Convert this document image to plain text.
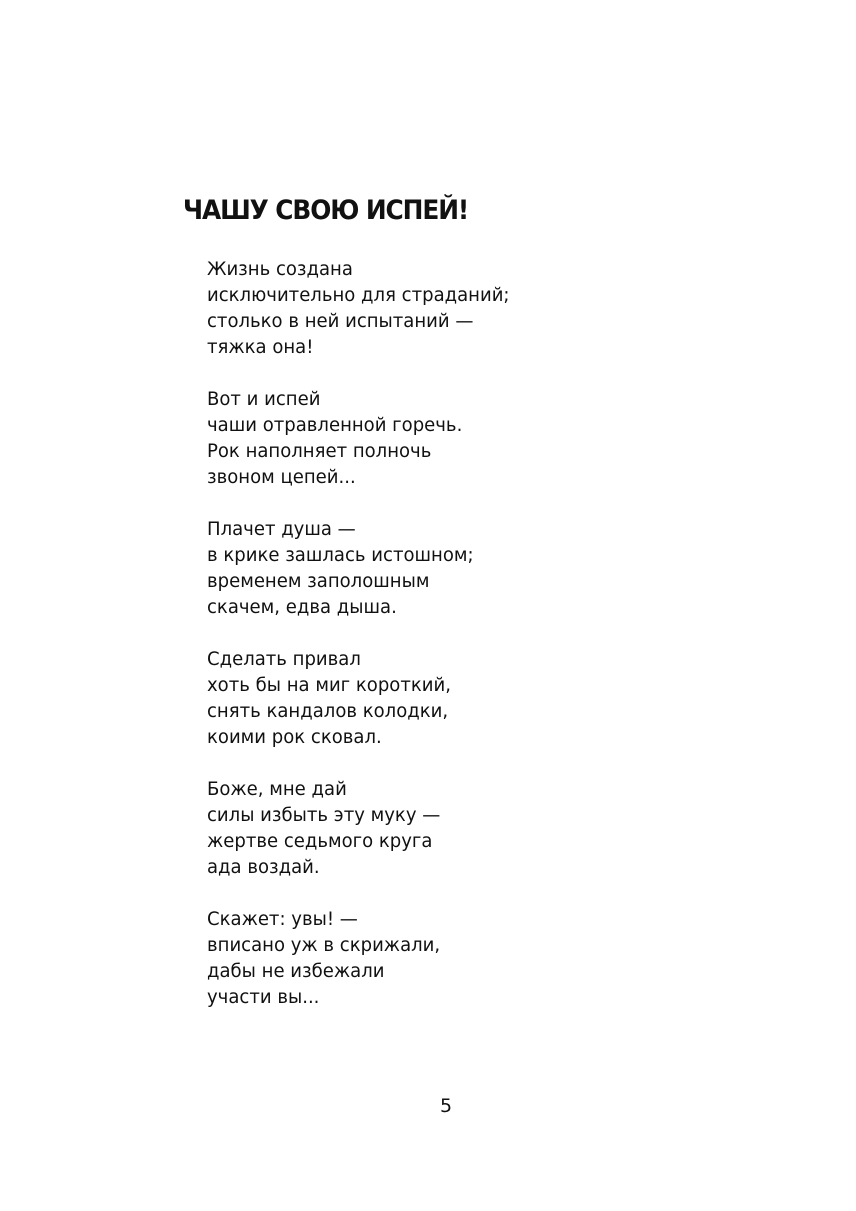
ЧАШУ СВОЮ ИСПЕЙ!
Жизнь создана
исключительно для страданий;
столько в ней испытаний —
тяжка она!
Вот и испей
чаши отравленной горечь.
Рок наполняет полночь
звоном цепей...
Плачет душа —
в крике зашлась истошном;
временем заполошным
скачем, едва дыша.
Сделать привал
хоть бы на миг короткий,
снять кандалов колодки,
коими рок сковал.
Боже, мне дай
силы избыть эту муку —
жертве седьмого круга
ада воздай.
Скажет: увы! —
вписано уж в скрижали,
дабы не избежали
участи вы...
5
